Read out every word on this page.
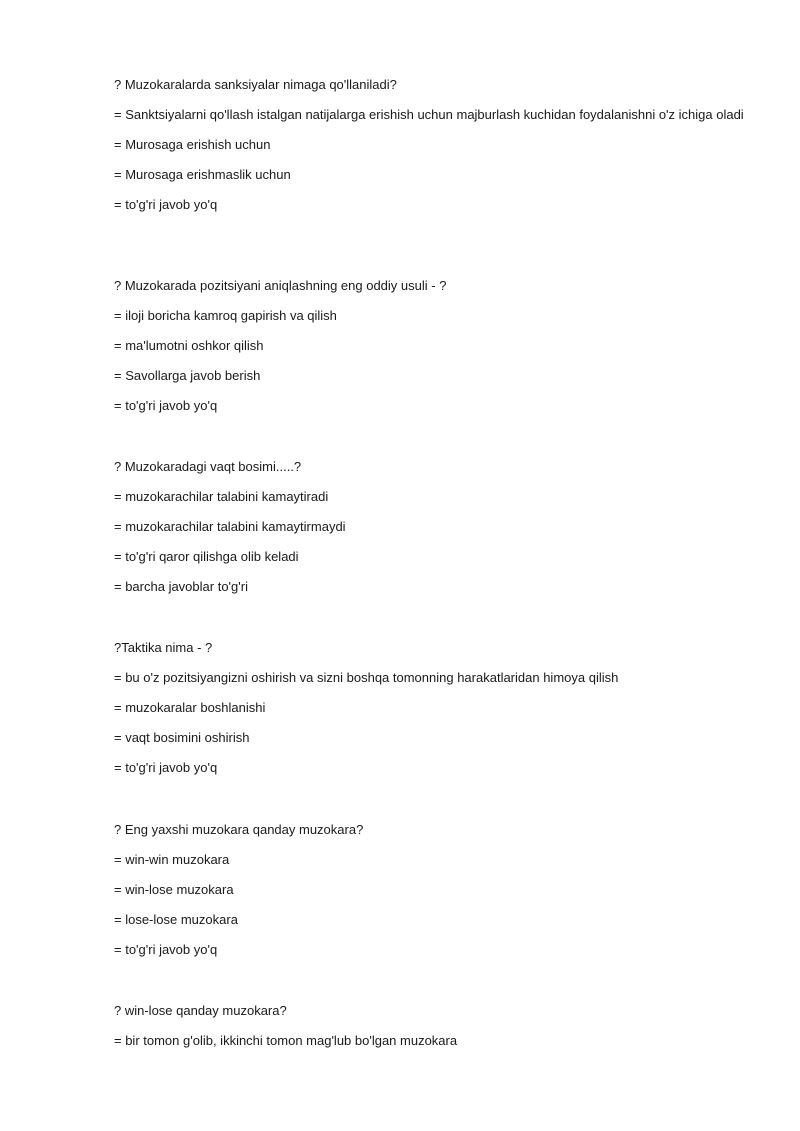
? Muzokaralarda sanksiyalar nimaga qo'llaniladi?

= Sanktsiyalarni qo'llash istalgan natijalarga erishish uchun majburlash kuchidan foydalanishni o'z ichiga oladi

= Murosaga erishish uchun

= Murosaga erishmaslik uchun

= to'g'ri javob yo'q

? Muzokarada pozitsiyani aniqlashning eng oddiy usuli - ?

= iloji boricha kamroq gapirish va qilish

= ma'lumotni oshkor qilish

= Savollarga javob berish

= to'g'ri javob yo'q

? Muzokaradagi vaqt bosimi.....?

= muzokarachilar talabini kamaytiradi

= muzokarachilar talabini kamaytirmaydi

= to'g'ri qaror qilishga olib keladi

= barcha javoblar to'g'ri

?Taktika nima - ?

= bu o'z pozitsiyangizni oshirish va sizni boshqa tomonning harakatlaridan himoya qilish

= muzokaralar boshlanishi

= vaqt bosimini oshirish

= to'g'ri javob yo'q

? Eng yaxshi muzokara qanday muzokara?

= win-win muzokara

= win-lose muzokara

= lose-lose muzokara

= to'g'ri javob yo'q

? win-lose qanday muzokara?

= bir tomon g'olib, ikkinchi tomon mag'lub bo'lgan muzokara
